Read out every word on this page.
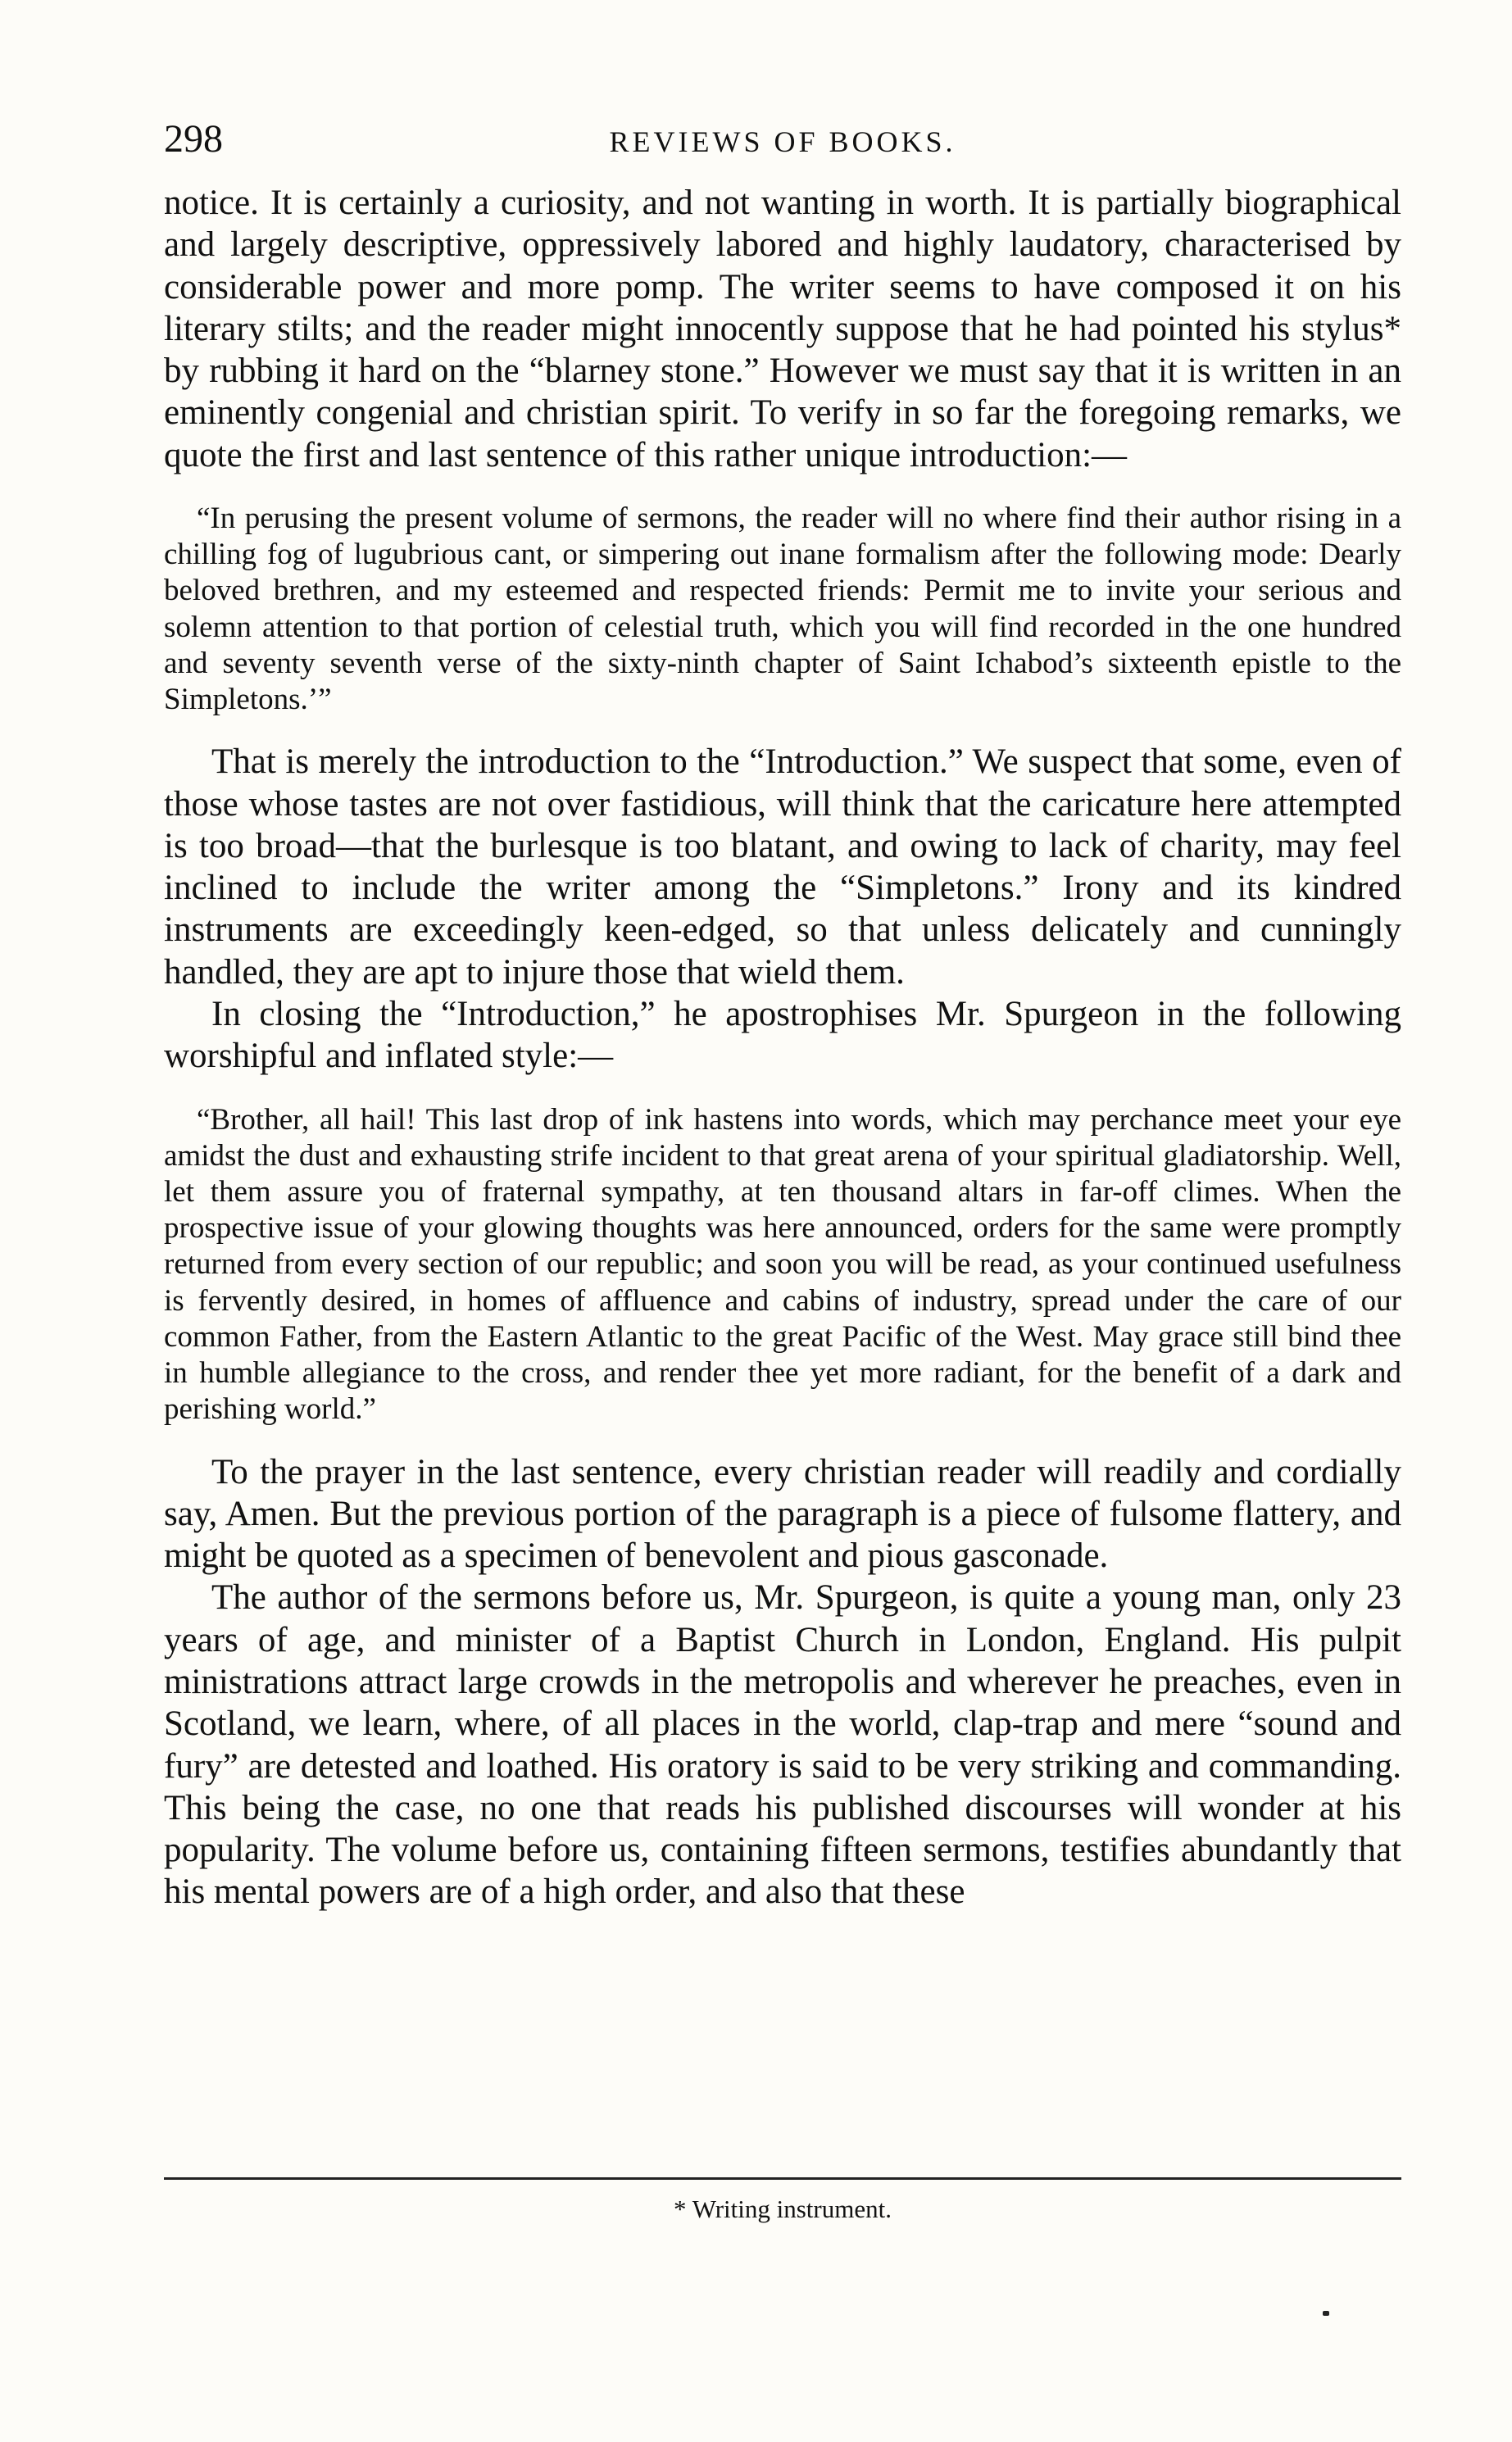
298	REVIEWS OF BOOKS.

notice. It is certainly a curiosity, and not wanting in worth. It is partially biographical and largely descriptive, oppressively labored and highly laudatory, characterised by considerable power and more pomp. The writer seems to have composed it on his literary stilts; and the reader might innocently suppose that he had pointed his stylus* by rubbing it hard on the “blarney stone.” However we must say that it is written in an eminently congenial and christian spirit. To verify in so far the foregoing remarks, we quote the first and last sentence of this rather unique introduction:—

“In perusing the present volume of sermons, the reader will no where find their author rising in a chilling fog of lugubrious cant, or simpering out inane formalism after the following mode: Dearly beloved brethren, and my esteemed and respected friends: Permit me to invite your serious and solemn attention to that portion of celestial truth, which you will find recorded in the one hundred and seventy seventh verse of the sixty-ninth chapter of Saint Ichabod’s sixteenth epistle to the Simpletons.’”

That is merely the introduction to the “Introduction.” We suspect that some, even of those whose tastes are not over fastidious, will think that the caricature here attempted is too broad—that the burlesque is too blatant, and owing to lack of charity, may feel inclined to include the writer among the “Simpletons.” Irony and its kindred instruments are exceedingly keen-edged, so that unless delicately and cunningly handled, they are apt to injure those that wield them.

In closing the “Introduction,” he apostrophises Mr. Spurgeon in the following worshipful and inflated style:—

“Brother, all hail! This last drop of ink hastens into words, which may perchance meet your eye amidst the dust and exhausting strife incident to that great arena of your spiritual gladiatorship. Well, let them assure you of fraternal sympathy, at ten thousand altars in far-off climes. When the prospective issue of your glowing thoughts was here announced, orders for the same were promptly returned from every section of our republic; and soon you will be read, as your continued usefulness is fervently desired, in homes of affluence and cabins of industry, spread under the care of our common Father, from the Eastern Atlantic to the great Pacific of the West. May grace still bind thee in humble allegiance to the cross, and render thee yet more radiant, for the benefit of a dark and perishing world.”

To the prayer in the last sentence, every christian reader will readily and cordially say, Amen. But the previous portion of the paragraph is a piece of fulsome flattery, and might be quoted as a specimen of benevolent and pious gasconade.

The author of the sermons before us, Mr. Spurgeon, is quite a young man, only 23 years of age, and minister of a Baptist Church in London, England. His pulpit ministrations attract large crowds in the metropolis and wherever he preaches, even in Scotland, we learn, where, of all places in the world, clap-trap and mere “sound and fury” are detested and loathed. His oratory is said to be very striking and commanding. This being the case, no one that reads his published discourses will wonder at his popularity. The volume before us, containing fifteen sermons, testifies abundantly that his mental powers are of a high order, and also that these

* Writing instrument.
